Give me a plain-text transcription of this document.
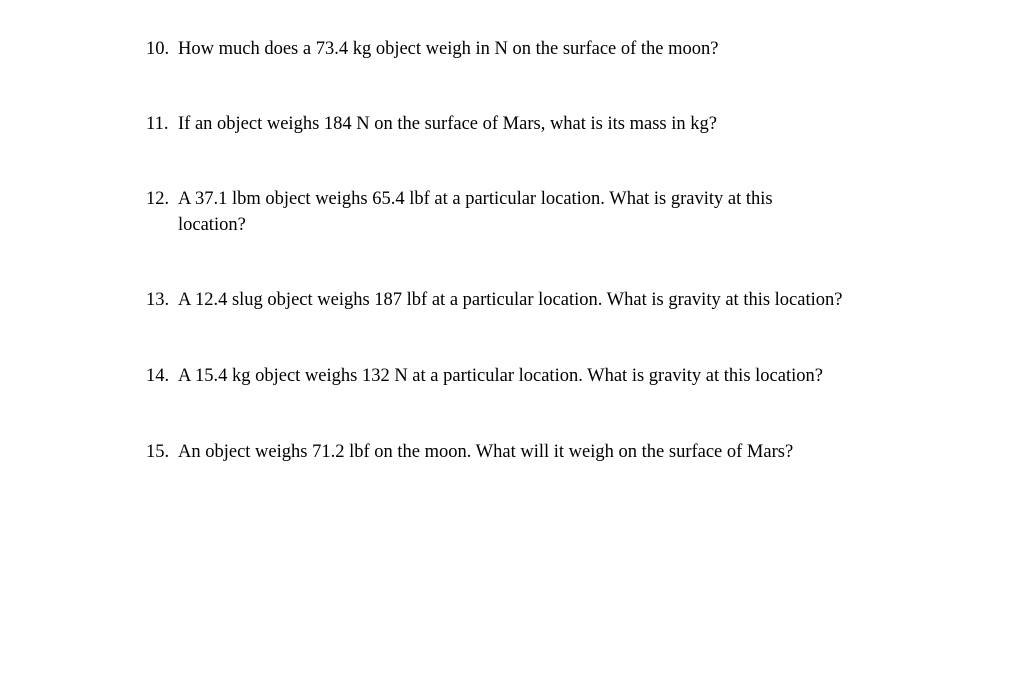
10. How much does a 73.4 kg object weigh in N on the surface of the moon?
11. If an object weighs 184 N on the surface of Mars, what is its mass in kg?
12. A 37.1 lbm object weighs 65.4 lbf at a particular location. What is gravity at this location?
13. A 12.4 slug object weighs 187 lbf at a particular location. What is gravity at this location?
14. A 15.4 kg object weighs 132 N at a particular location. What is gravity at this location?
15. An object weighs 71.2 lbf on the moon. What will it weigh on the surface of Mars?
